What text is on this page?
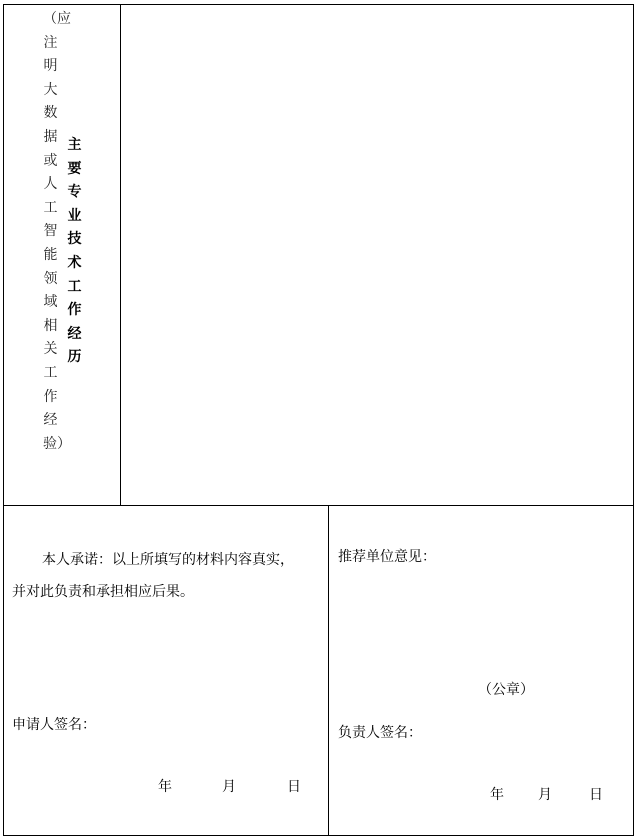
（应注明大数据或人工智能领域相关工作经验）
主要专业技术工作经历
本人承诺：以上所填写的材料内容真实，
并对此负责和承担相应后果。
申请人签名：
年	月	日
推荐单位意见：
（公章）
负责人签名：
年 月	日
